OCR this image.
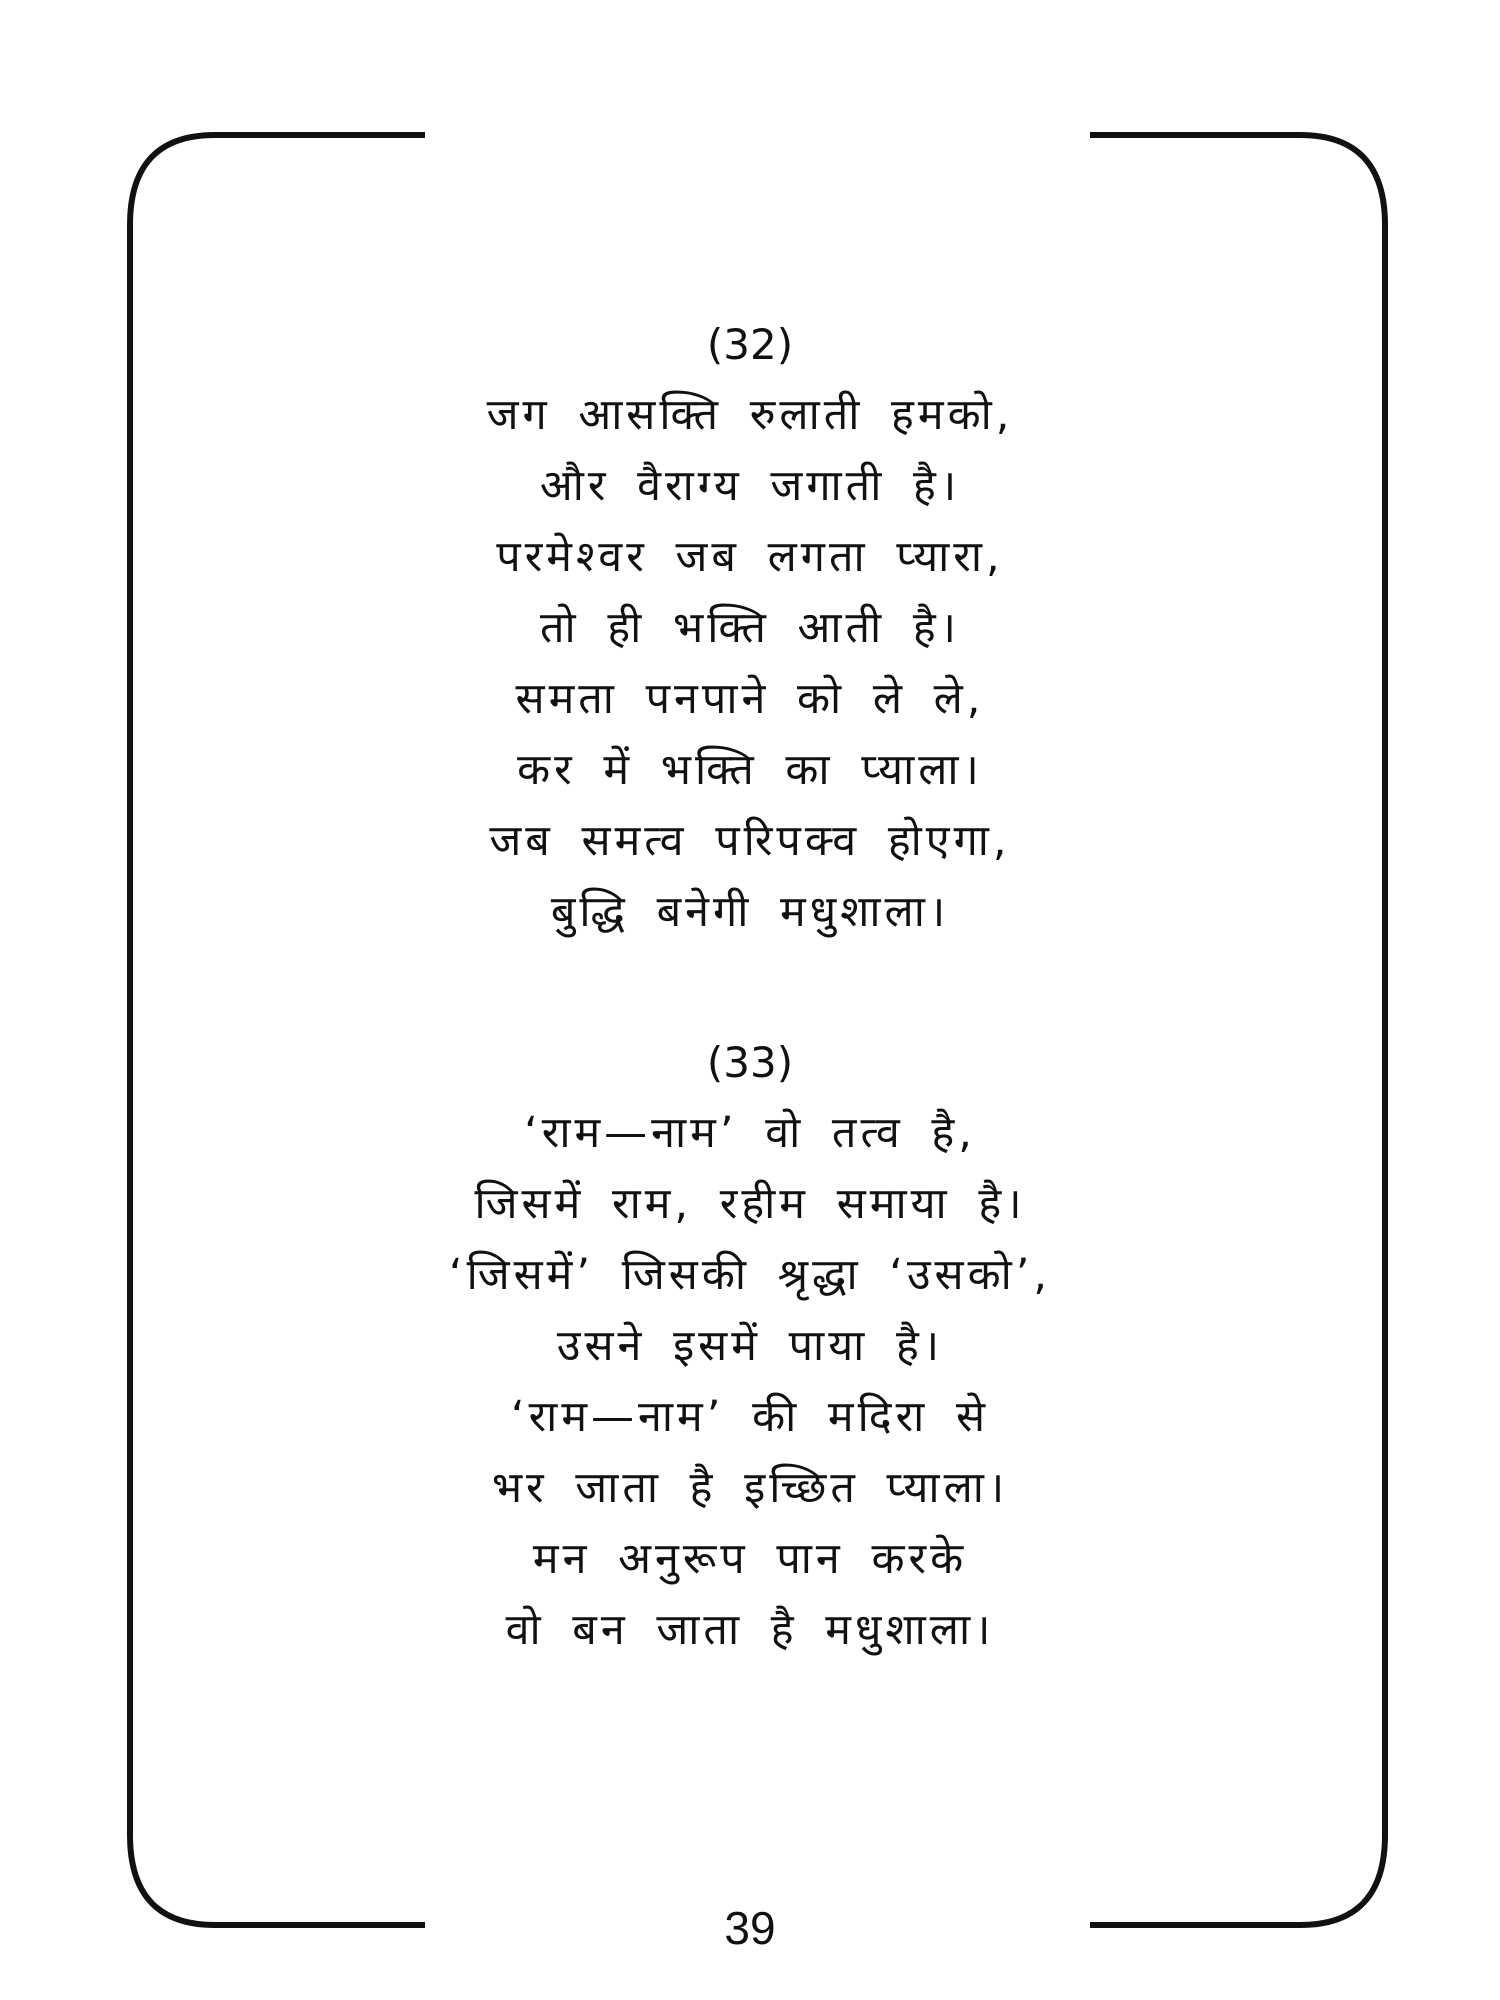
(32)
जग आसक्ति रुलाती हमको,
और वैराग्य जगाती है।
परमेश्वर जब लगता प्यारा,
तो ही भक्ति आती है।
समता पनपाने को ले ले,
कर में भक्ति का प्याला।
जब समत्व परिपक्व होएगा,
बुद्धि बनेगी मधुशाला।
(33)
‘राम—नाम’ वो तत्व है,
जिसमें राम, रहीम समाया है।
‘जिसमें’ जिसकी श्रृद्धा ‘उसको’,
उसने इसमें पाया है।
‘राम—नाम’ की मदिरा से
भर जाता है इच्छित प्याला।
मन अनुरूप पान करके
वो बन जाता है मधुशाला।
39
